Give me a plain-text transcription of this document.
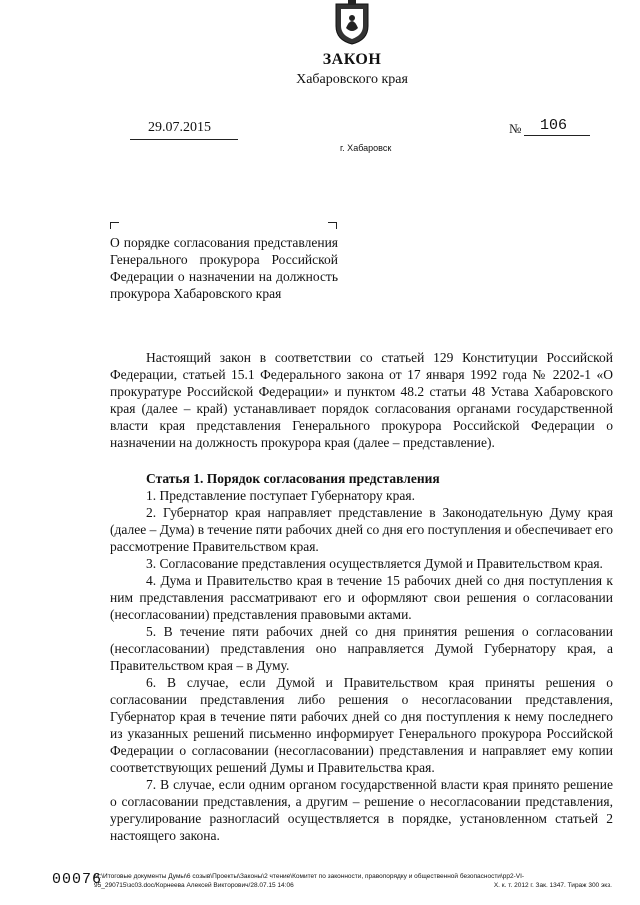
ЗАКОН
Хабаровского края
29.07.2015	№ 106
г. Хабаровск
О порядке согласования представления Генерального прокурора Российской Федерации о назначении на должность прокурора Хабаровского края

Настоящий закон в соответствии со статьей 129 Конституции Российской Федерации, статьей 15.1 Федерального закона от 17 января 1992 года № 2202-1 «О прокуратуре Российской Федерации» и пунктом 48.2 статьи 48 Устава Хабаровского края (далее – край) устанавливает порядок согласования органами государственной власти края представления Генерального прокурора Российской Федерации о назначении на должность прокурора края (далее – представление).

Статья 1. Порядок согласования представления

1. Представление поступает Губернатору края.

2. Губернатор края направляет представление в Законодательную Думу края (далее – Дума) в течение пяти рабочих дней со дня его поступления и обеспечивает его рассмотрение Правительством края.

3. Согласование представления осуществляется Думой и Правительством края.

4. Дума и Правительство края в течение 15 рабочих дней со дня поступления к ним представления рассматривают его и оформляют свои решения о согласовании (несогласовании) представления правовыми актами.

5. В течение пяти рабочих дней со дня принятия решения о согласовании (несогласовании) представления оно направляется Думой Губернатору края, а Правительством края – в Думу.

6. В случае, если Думой и Правительством края приняты решения о согласовании представления либо решения о несогласовании представления, Губернатор края в течение пяти рабочих дней со дня поступления к нему последнего из указанных решений письменно информирует Генерального прокурора Российской Федерации о согласовании (несогласовании) представления и направляет ему копии соответствующих решений Думы и Правительства края.

7. В случае, если одним органом государственной власти края принято решение о согласовании представления, а другим – решение о несогласовании представления, урегулирование разногласий осуществляется в порядке, установленном статьей 2 настоящего закона.

00076
М:\Итоговые документы Думы\6 созыв\Проекты\Законы\2 чтение\Комитет по законности, правопорядку и общественной безопасности\рр2-VI-
95_290715\зс03.doc/Корнеева Алексей Викторович/28.07.15 14:06	Х. к. т. 2012 г. Зак. 1347. Тираж 300 экз.
